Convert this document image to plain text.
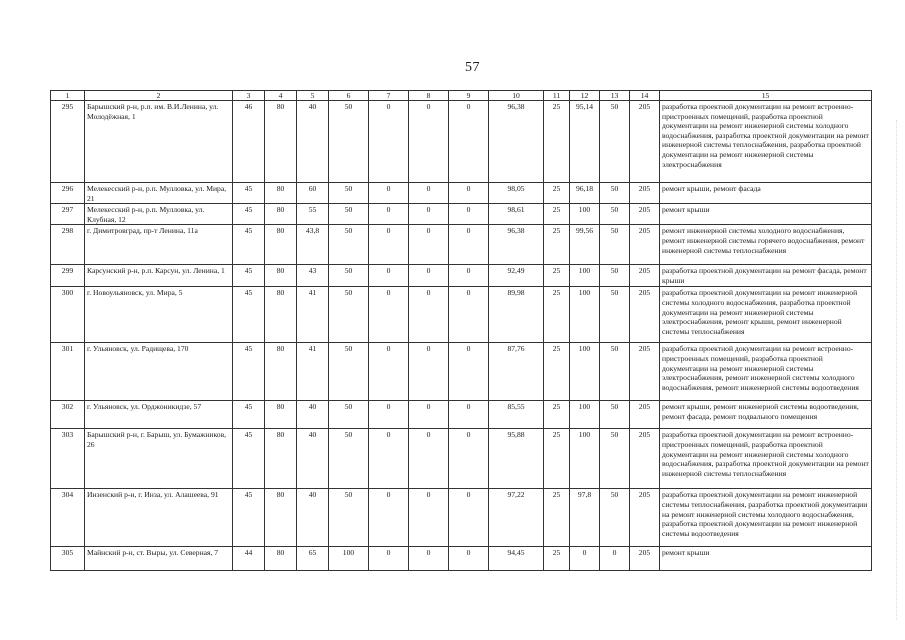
57
1	2	3	4	5	6	7	8	9	10	11	12	13	14	15
295	Барышский р-н, р.п. им. В.И.Ленина, ул. Молодёжная, 1	46	80	40	50	0	0	0	96,38	25	95,14	50	205	разработка проектной документации на ремонт встроенно-пристроенных помещений, разработка проектной документации на ремонт инженерной системы холодного водоснабжения, разработка проектной документации на ремонт инженерной системы теплоснабжения, разработка проектной документации на ремонт инженерной системы электроснабжения
296	Мелекесский р-н, р.п. Мулловка, ул. Мира, 21	45	80	60	50	0	0	0	98,05	25	96,18	50	205	ремонт крыши, ремонт фасада
297	Мелекесский р-н, р.п. Мулловка, ул. Клубная, 12	45	80	55	50	0	0	0	98,61	25	100	50	205	ремонт крыши
298	г. Димитровград, пр-т Ленина, 11а	45	80	43,8	50	0	0	0	96,38	25	99,56	50	205	ремонт инженерной системы холодного водоснабжения, ремонт инженерной системы горячего водоснабжения, ремонт инженерной системы теплоснабжения
299	Карсунский р-н, р.п. Карсун, ул. Ленина, 1	45	80	43	50	0	0	0	92,49	25	100	50	205	разработка проектной документации на ремонт фасада, ремонт крыши
300	г. Новоульяновск, ул. Мира, 5	45	80	41	50	0	0	0	89,98	25	100	50	205	разработка проектной документации на ремонт инженерной системы холодного водоснабжения, разработка проектной документации на ремонт инженерной системы электроснабжения, ремонт крыши, ремонт инженерной системы теплоснабжения
301	г. Ульяновск, ул. Радищева, 170	45	80	41	50	0	0	0	87,76	25	100	50	205	разработка проектной документации на ремонт встроенно-пристроенных помещений, разработка проектной документации на ремонт инженерной системы электроснабжения, ремонт инженерной системы холодного водоснабжения, ремонт инженерной системы водоотведения
302	г. Ульяновск, ул. Орджоникидзе, 57	45	80	40	50	0	0	0	85,55	25	100	50	205	ремонт крыши, ремонт инженерной системы водоотведения, ремонт фасада, ремонт подвального помещения
303	Барышский р-н, г. Барыш, ул. Бумажников, 26	45	80	40	50	0	0	0	95,88	25	100	50	205	разработка проектной документации на ремонт встроенно-пристроенных помещений, разработка проектной документации на ремонт инженерной системы холодного водоснабжения, разработка проектной документации на ремонт инженерной системы теплоснабжения
304	Инзенский р-н, г. Инза, ул. Алашеева, 91	45	80	40	50	0	0	0	97,22	25	97,8	50	205	разработка проектной документации на ремонт инженерной системы теплоснабжения, разработка проектной документации на ремонт инженерной системы холодного водоснабжения, разработка проектной документации на ремонт инженерной системы водоотведения
305	Майнский р-н, ст. Выры, ул. Северная, 7	44	80	65	100	0	0	0	94,45	25	0	0	205	ремонт крыши
